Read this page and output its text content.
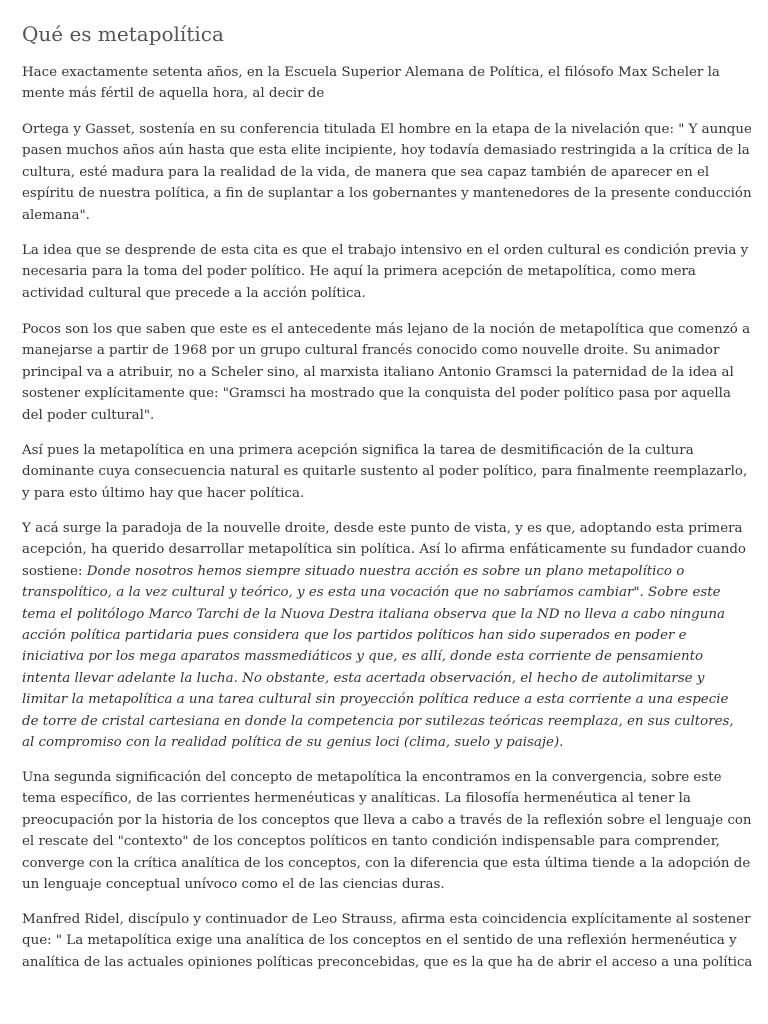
Qué es metapolítica

Hace exactamente setenta años, en la Escuela Superior Alemana de Política, el filósofo Max Scheler la
mente más fértil de aquella hora, al decir de

Ortega y Gasset, sostenía en su conferencia titulada El hombre en la etapa de la nivelación que: " Y aunque
pasen muchos años aún hasta que esta elite incipiente, hoy todavía demasiado restringida a la crítica de la
cultura, esté madura para la realidad de la vida, de manera que sea capaz también de aparecer en el
espíritu de nuestra política, a fin de suplantar a los gobernantes y mantenedores de la presente conducción
alemana".

La idea que se desprende de esta cita es que el trabajo intensivo en el orden cultural es condición previa y
necesaria para la toma del poder político. He aquí la primera acepción de metapolítica, como mera
actividad cultural que precede a la acción política.

Pocos son los que saben que este es el antecedente más lejano de la noción de metapolítica que comenzó a
manejarse a partir de 1968 por un grupo cultural francés conocido como nouvelle droite. Su animador
principal va a atribuir, no a Scheler sino, al marxista italiano Antonio Gramsci la paternidad de la idea al
sostener explícitamente que: "Gramsci ha mostrado que la conquista del poder político pasa por aquella
del poder cultural".

Así pues la metapolítica en una primera acepción significa la tarea de desmitificación de la cultura
dominante cuya consecuencia natural es quitarle sustento al poder político, para finalmente reemplazarlo,
y para esto último hay que hacer política.

Y acá surge la paradoja de la nouvelle droite, desde este punto de vista, y es que, adoptando esta primera
acepción, ha querido desarrollar metapolítica sin política. Así lo afirma enfáticamente su fundador cuando
sostiene: Donde nosotros hemos siempre situado nuestra acción es sobre un plano metapolítico o
transpolítico, a la vez cultural y teórico, y es esta una vocación que no sabríamos cambiar". Sobre este
tema el politólogo Marco Tarchi de la Nuova Destra italiana observa que la ND no lleva a cabo ninguna
acción política partidaria pues considera que los partidos políticos han sido superados en poder e
iniciativa por los mega aparatos massmediáticos y que, es allí, donde esta corriente de pensamiento
intenta llevar adelante la lucha. No obstante, esta acertada observación, el hecho de autolimitarse y
limitar la metapolítica a una tarea cultural sin proyección política reduce a esta corriente a una especie
de torre de cristal cartesiana en donde la competencia por sutilezas teóricas reemplaza, en sus cultores,
al compromiso con la realidad política de su genius loci (clima, suelo y paisaje).

Una segunda significación del concepto de metapolítica la encontramos en la convergencia, sobre este
tema específico, de las corrientes hermenéuticas y analíticas. La filosofía hermenéutica al tener la
preocupación por la historia de los conceptos que lleva a cabo a través de la reflexión sobre el lenguaje con
el rescate del "contexto" de los conceptos políticos en tanto condición indispensable para comprender,
converge con la crítica analítica de los conceptos, con la diferencia que esta última tiende a la adopción de
un lenguaje conceptual unívoco como el de las ciencias duras.

Manfred Ridel, discípulo y continuador de Leo Strauss, afirma esta coincidencia explícitamente al sostener
que: " La metapolítica exige una analítica de los conceptos en el sentido de una reflexión hermenéutica y
analítica de las actuales opiniones políticas preconcebidas, que es la que ha de abrir el acceso a una política
